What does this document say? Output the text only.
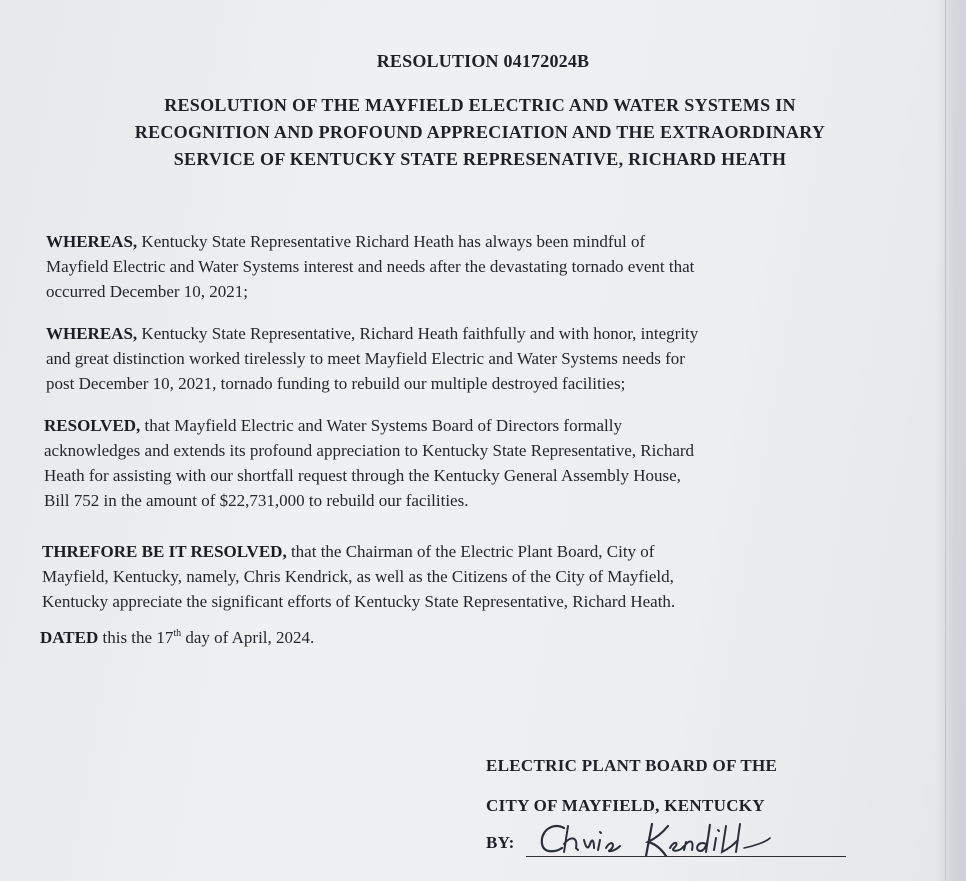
RESOLUTION 04172024B
RESOLUTION OF THE MAYFIELD ELECTRIC AND WATER SYSTEMS IN
RECOGNITION AND PROFOUND APPRECIATION AND THE EXTRAORDINARY
SERVICE OF KENTUCKY STATE REPRESENATIVE, RICHARD HEATH
WHEREAS, Kentucky State Representative Richard Heath has always been mindful of
Mayfield Electric and Water Systems interest and needs after the devastating tornado event that
occurred December 10, 2021;
WHEREAS, Kentucky State Representative, Richard Heath faithfully and with honor, integrity
and great distinction worked tirelessly to meet Mayfield Electric and Water Systems needs for
post December 10, 2021, tornado funding to rebuild our multiple destroyed facilities;
RESOLVED, that Mayfield Electric and Water Systems Board of Directors formally
acknowledges and extends its profound appreciation to Kentucky State Representative, Richard
Heath for assisting with our shortfall request through the Kentucky General Assembly House,
Bill 752 in the amount of $22,731,000 to rebuild our facilities.
THREFORE BE IT RESOLVED, that the Chairman of the Electric Plant Board, City of
Mayfield, Kentucky, namely, Chris Kendrick, as well as the Citizens of the City of Mayfield,
Kentucky appreciate the significant efforts of Kentucky State Representative, Richard Heath.
DATED this the 17th day of April, 2024.
ELECTRIC PLANT BOARD OF THE
CITY OF MAYFIELD, KENTUCKY
BY:
